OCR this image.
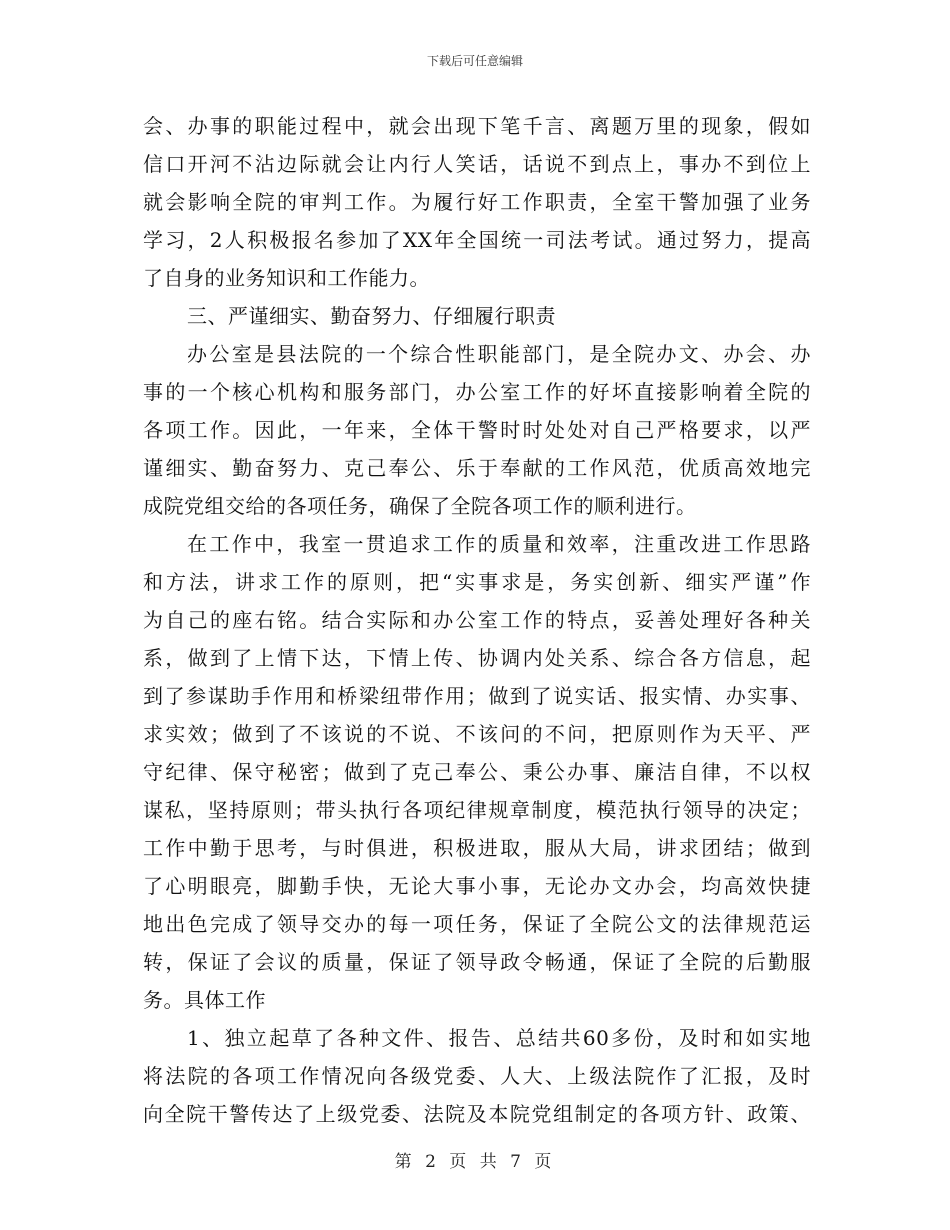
下载后可任意编辑
会、办事的职能过程中，就会出现下笔千言、离题万里的现象，假如
信口开河不沾边际就会让内行人笑话，话说不到点上，事办不到位上
就会影响全院的审判工作。为履行好工作职责，全室干警加强了业务
学习，2人积极报名参加了XX年全国统一司法考试。通过努力，提高
了自身的业务知识和工作能力。
三、严谨细实、勤奋努力、仔细履行职责
办公室是县法院的一个综合性职能部门，是全院办文、办会、办
事的一个核心机构和服务部门，办公室工作的好坏直接影响着全院的
各项工作。因此，一年来，全体干警时时处处对自己严格要求，以严
谨细实、勤奋努力、克己奉公、乐于奉献的工作风范，优质高效地完
成院党组交给的各项任务，确保了全院各项工作的顺利进行。
在工作中，我室一贯追求工作的质量和效率，注重改进工作思路
和方法，讲求工作的原则，把“实事求是，务实创新、细实严谨”作
为自己的座右铭。结合实际和办公室工作的特点，妥善处理好各种关
系，做到了上情下达，下情上传、协调内处关系、综合各方信息，起
到了参谋助手作用和桥梁纽带作用；做到了说实话、报实情、办实事、
求实效；做到了不该说的不说、不该问的不问，把原则作为天平、严
守纪律、保守秘密；做到了克己奉公、秉公办事、廉洁自律，不以权
谋私，坚持原则；带头执行各项纪律规章制度，模范执行领导的决定；
工作中勤于思考，与时俱进，积极进取，服从大局，讲求团结；做到
了心明眼亮，脚勤手快，无论大事小事，无论办文办会，均高效快捷
地出色完成了领导交办的每一项任务，保证了全院公文的法律规范运
转，保证了会议的质量，保证了领导政令畅通，保证了全院的后勤服
务。具体工作
1、独立起草了各种文件、报告、总结共60多份，及时和如实地
将法院的各项工作情况向各级党委、人大、上级法院作了汇报，及时
向全院干警传达了上级党委、法院及本院党组制定的各项方针、政策、
第 2 页 共 7 页
